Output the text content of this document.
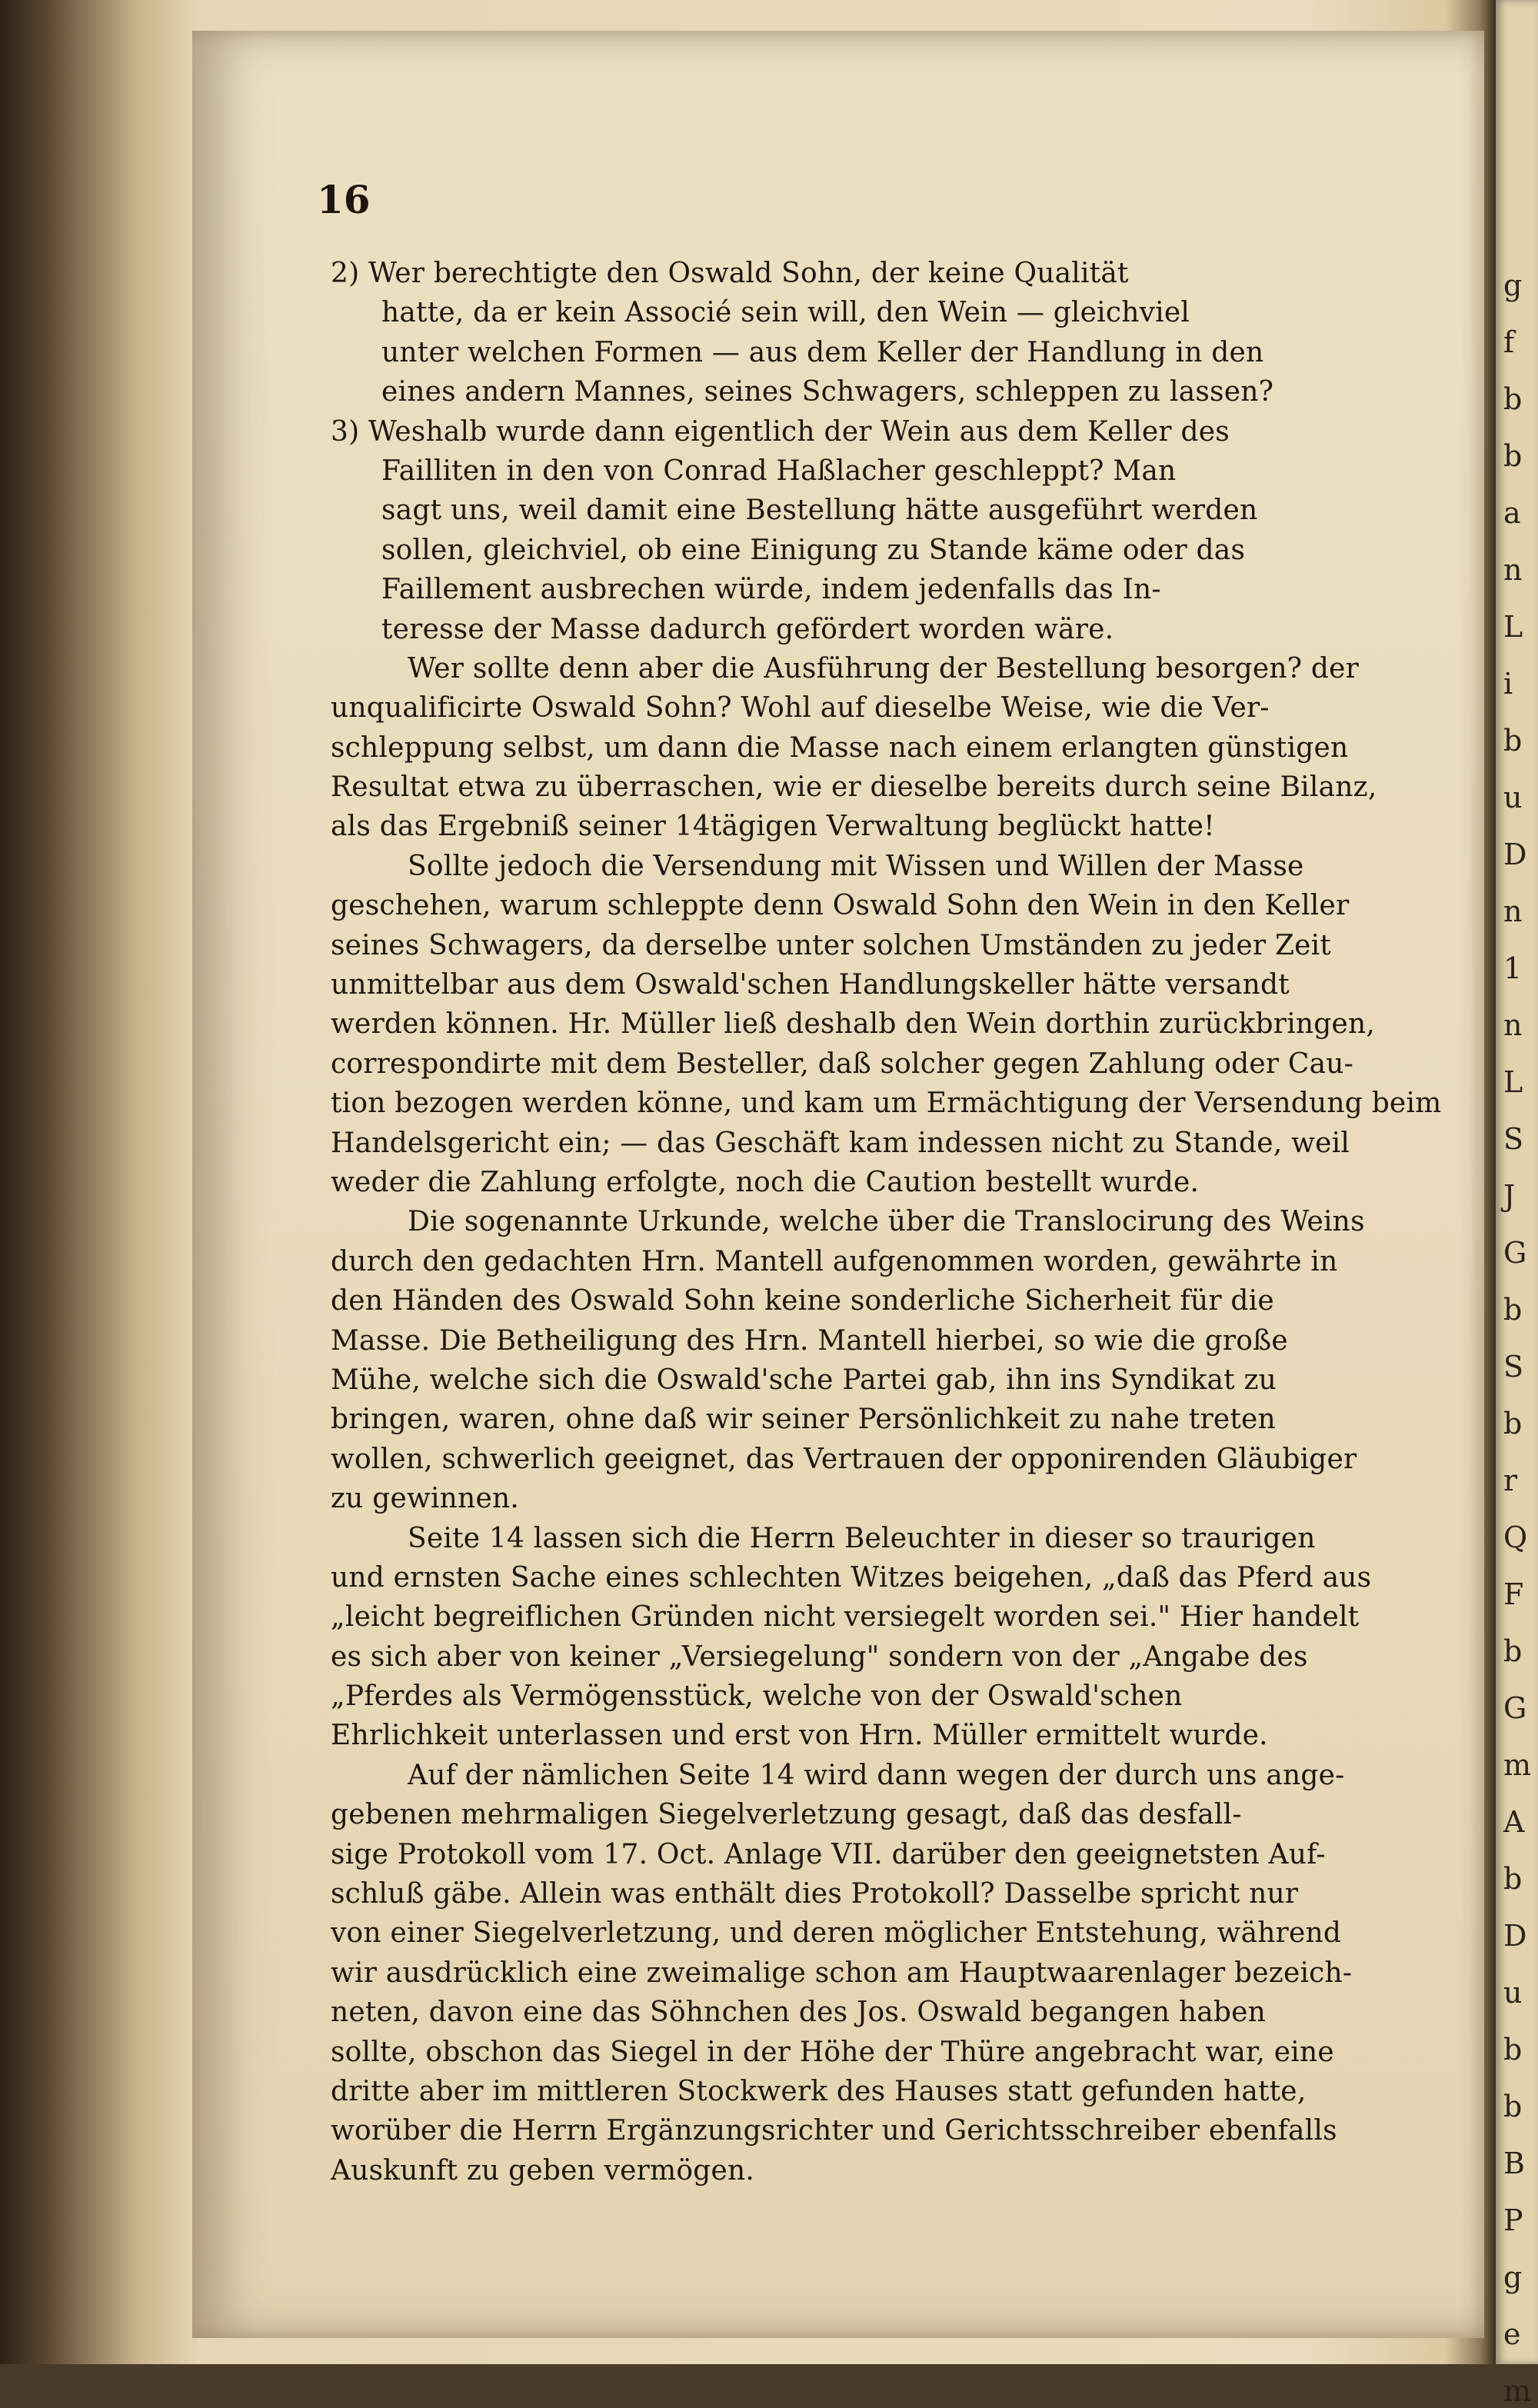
g
f
b
b
a
n
L
i
b
u
D
n
1
n
L
S
J
G
b
S
b
r
Q
F
b
G
m
A
b
D
u
b
b
B
P
g
e
m
16
2) Wer berechtigte den Oswald Sohn, der keine Qualität
hatte, da er kein Associé sein will, den Wein — gleichviel
unter welchen Formen — aus dem Keller der Handlung in den
eines andern Mannes, seines Schwagers, schleppen zu lassen?
3) Weshalb wurde dann eigentlich der Wein aus dem Keller des
Failliten in den von Conrad Haßlacher geschleppt? Man
sagt uns, weil damit eine Bestellung hätte ausgeführt werden
sollen, gleichviel, ob eine Einigung zu Stande käme oder das
Faillement ausbrechen würde, indem jedenfalls das In-
teresse der Masse dadurch gefördert worden wäre.
Wer sollte denn aber die Ausführung der Bestellung besorgen? der
unqualificirte Oswald Sohn? Wohl auf dieselbe Weise, wie die Ver-
schleppung selbst, um dann die Masse nach einem erlangten günstigen
Resultat etwa zu überraschen, wie er dieselbe bereits durch seine Bilanz,
als das Ergebniß seiner 14tägigen Verwaltung beglückt hatte!
Sollte jedoch die Versendung mit Wissen und Willen der Masse
geschehen, warum schleppte denn Oswald Sohn den Wein in den Keller
seines Schwagers, da derselbe unter solchen Umständen zu jeder Zeit
unmittelbar aus dem Oswald'schen Handlungskeller hätte versandt
werden können. Hr. Müller ließ deshalb den Wein dorthin zurückbringen,
correspondirte mit dem Besteller, daß solcher gegen Zahlung oder Cau-
tion bezogen werden könne, und kam um Ermächtigung der Versendung beim
Handelsgericht ein; — das Geschäft kam indessen nicht zu Stande, weil
weder die Zahlung erfolgte, noch die Caution bestellt wurde.
Die sogenannte Urkunde, welche über die Translocirung des Weins
durch den gedachten Hrn. Mantell aufgenommen worden, gewährte in
den Händen des Oswald Sohn keine sonderliche Sicherheit für die
Masse. Die Betheiligung des Hrn. Mantell hierbei, so wie die große
Mühe, welche sich die Oswald'sche Partei gab, ihn ins Syndikat zu
bringen, waren, ohne daß wir seiner Persönlichkeit zu nahe treten
wollen, schwerlich geeignet, das Vertrauen der opponirenden Gläubiger
zu gewinnen.
Seite 14 lassen sich die Herrn Beleuchter in dieser so traurigen
und ernsten Sache eines schlechten Witzes beigehen, „daß das Pferd aus
„leicht begreiflichen Gründen nicht versiegelt worden sei." Hier handelt
es sich aber von keiner „Versiegelung" sondern von der „Angabe des
„Pferdes als Vermögensstück, welche von der Oswald'schen
Ehrlichkeit unterlassen und erst von Hrn. Müller ermittelt wurde.
Auf der nämlichen Seite 14 wird dann wegen der durch uns ange-
gebenen mehrmaligen Siegelverletzung gesagt, daß das desfall-
sige Protokoll vom 17. Oct. Anlage VII. darüber den geeignetsten Auf-
schluß gäbe. Allein was enthält dies Protokoll? Dasselbe spricht nur
von einer Siegelverletzung, und deren möglicher Entstehung, während
wir ausdrücklich eine zweimalige schon am Hauptwaarenlager bezeich-
neten, davon eine das Söhnchen des Jos. Oswald begangen haben
sollte, obschon das Siegel in der Höhe der Thüre angebracht war, eine
dritte aber im mittleren Stockwerk des Hauses statt gefunden hatte,
worüber die Herrn Ergänzungsrichter und Gerichtsschreiber ebenfalls
Auskunft zu geben vermögen.
